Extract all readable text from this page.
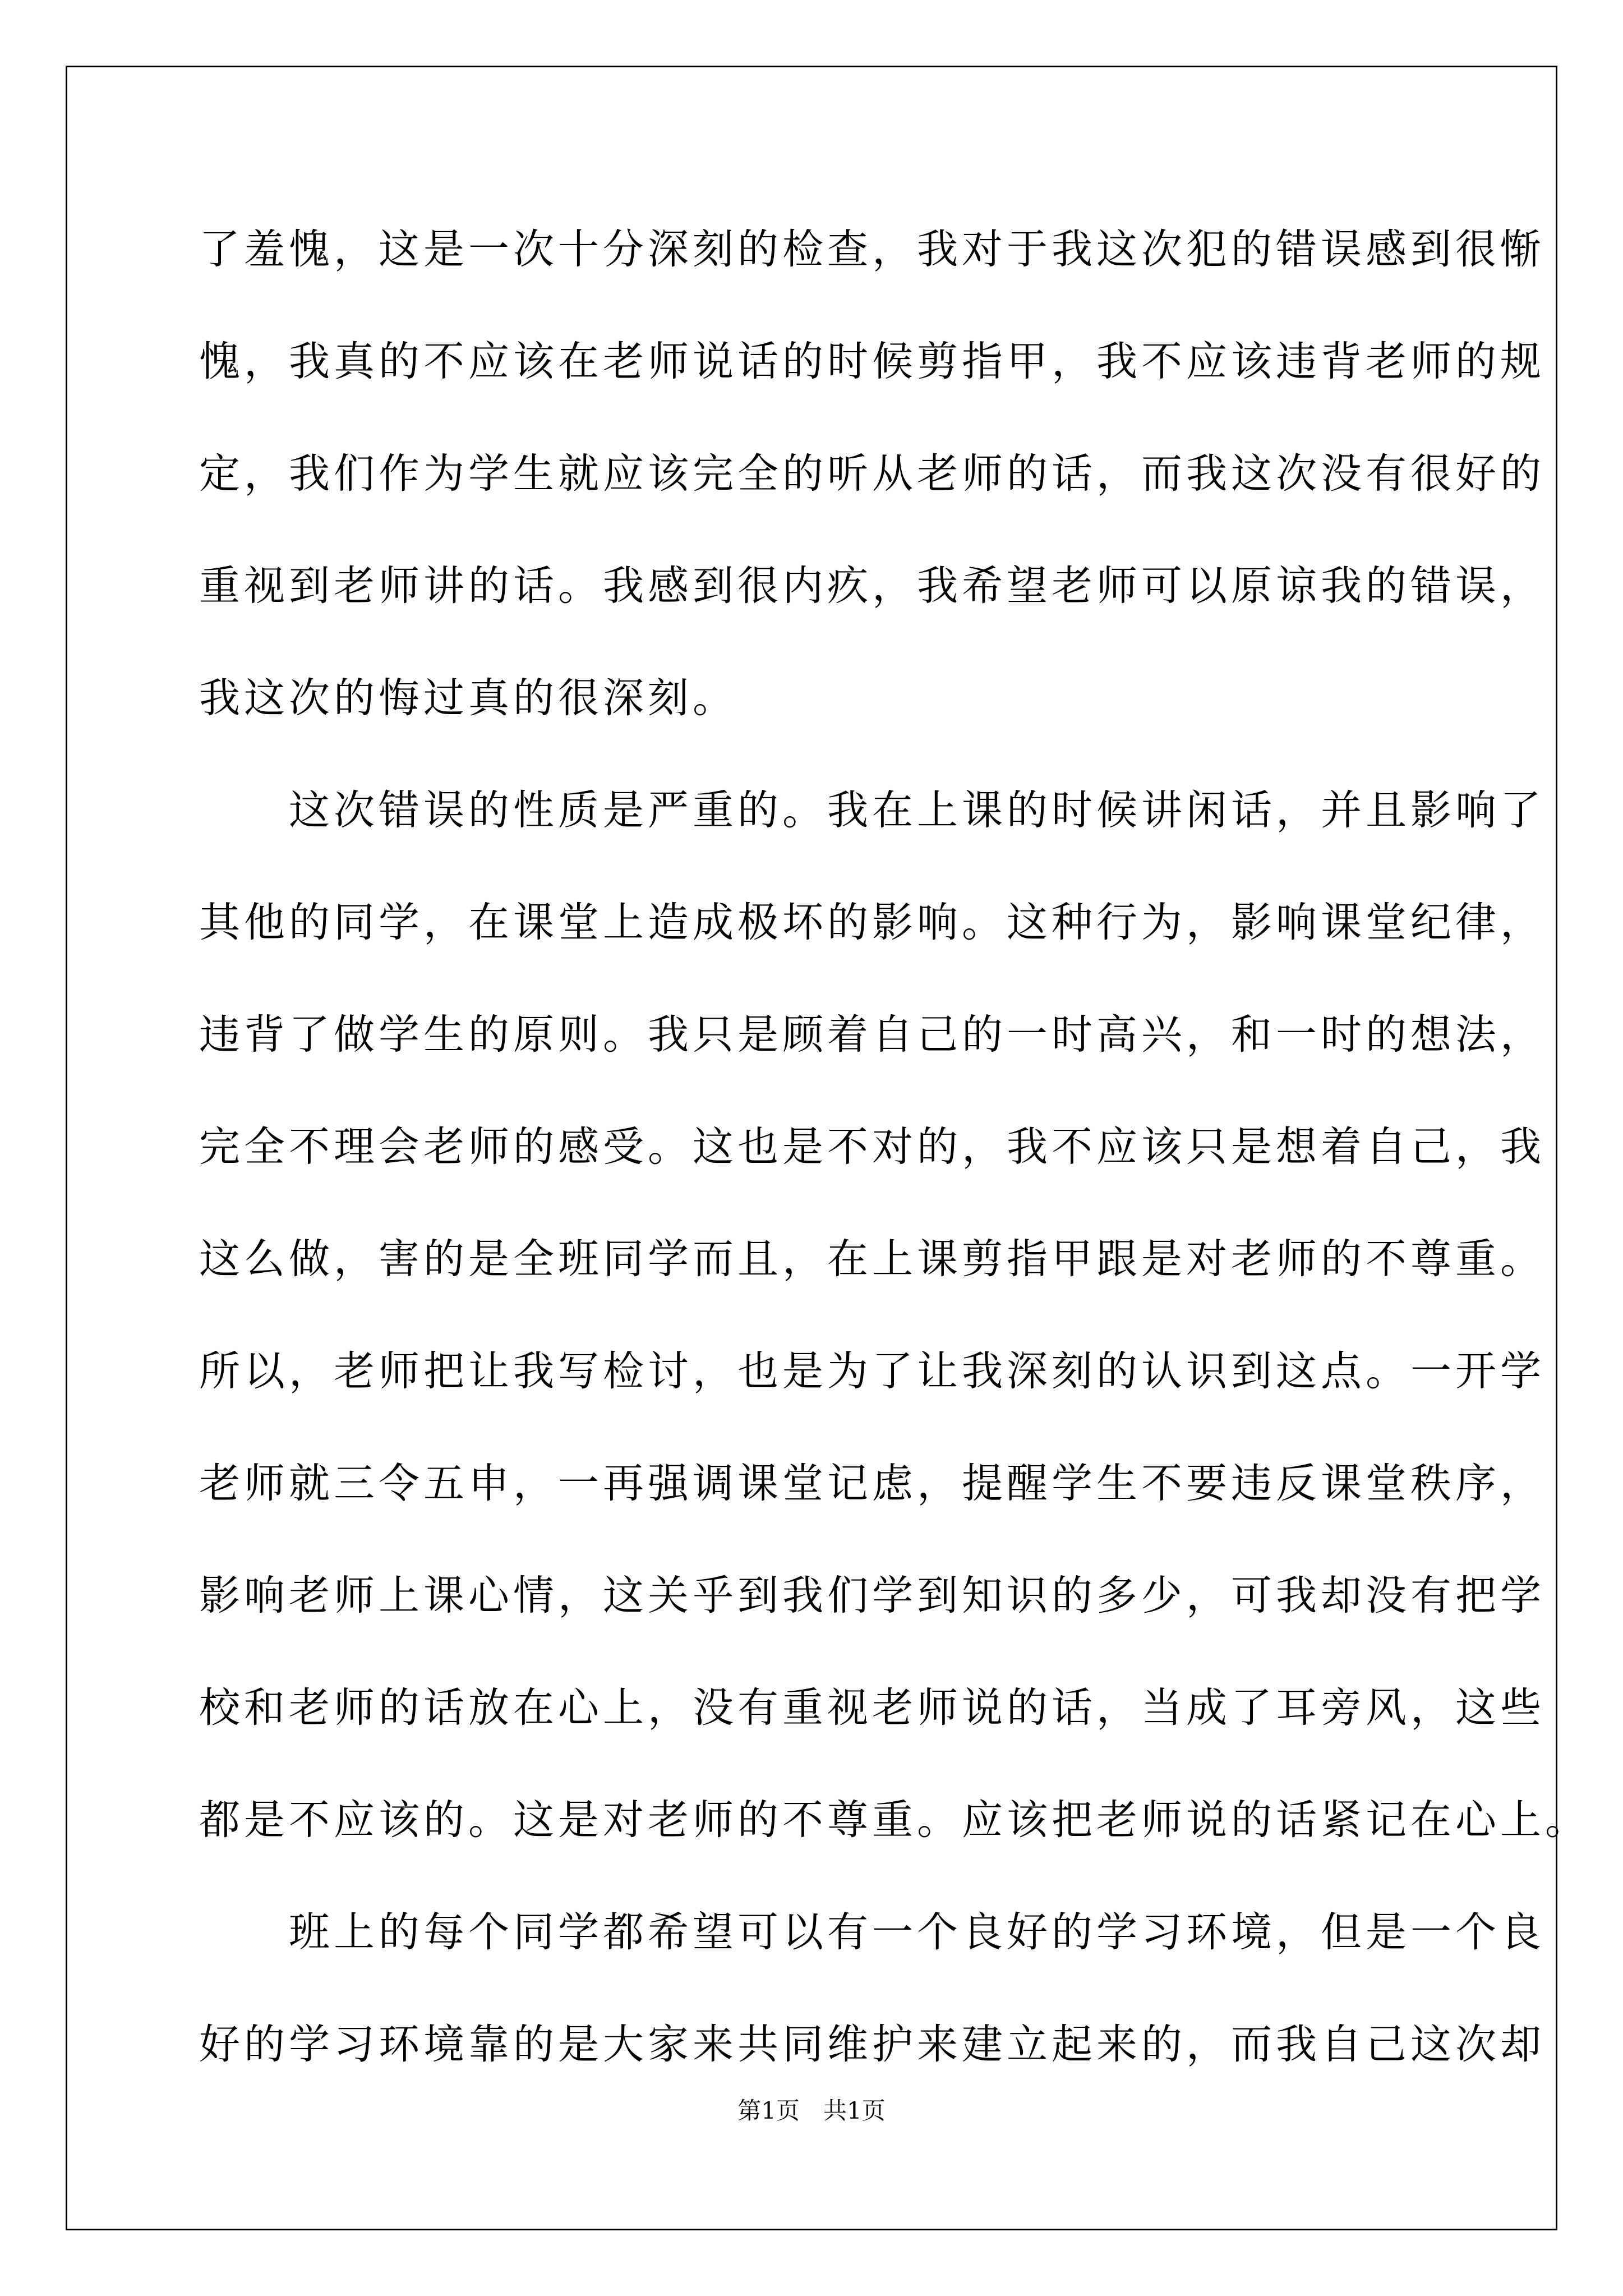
了羞愧，这是一次十分深刻的检查，我对于我这次犯的错误感到很惭
愧，我真的不应该在老师说话的时候剪指甲，我不应该违背老师的规
定，我们作为学生就应该完全的听从老师的话，而我这次没有很好的
重视到老师讲的话。我感到很内疚，我希望老师可以原谅我的错误，
我这次的悔过真的很深刻。
　　这次错误的性质是严重的。我在上课的时候讲闲话，并且影响了
其他的同学，在课堂上造成极坏的影响。这种行为，影响课堂纪律，
违背了做学生的原则。我只是顾着自己的一时高兴，和一时的想法，
完全不理会老师的感受。这也是不对的，我不应该只是想着自己，我
这么做，害的是全班同学而且，在上课剪指甲跟是对老师的不尊重。
所以，老师把让我写检讨，也是为了让我深刻的认识到这点。一开学
老师就三令五申，一再强调课堂记虑，提醒学生不要违反课堂秩序，
影响老师上课心情，这关乎到我们学到知识的多少，可我却没有把学
校和老师的话放在心上，没有重视老师说的话，当成了耳旁风，这些
都是不应该的。这是对老师的不尊重。应该把老师说的话紧记在心上。
　　班上的每个同学都希望可以有一个良好的学习环境，但是一个良
好的学习环境靠的是大家来共同维护来建立起来的，而我自己这次却
第1页　共1页
